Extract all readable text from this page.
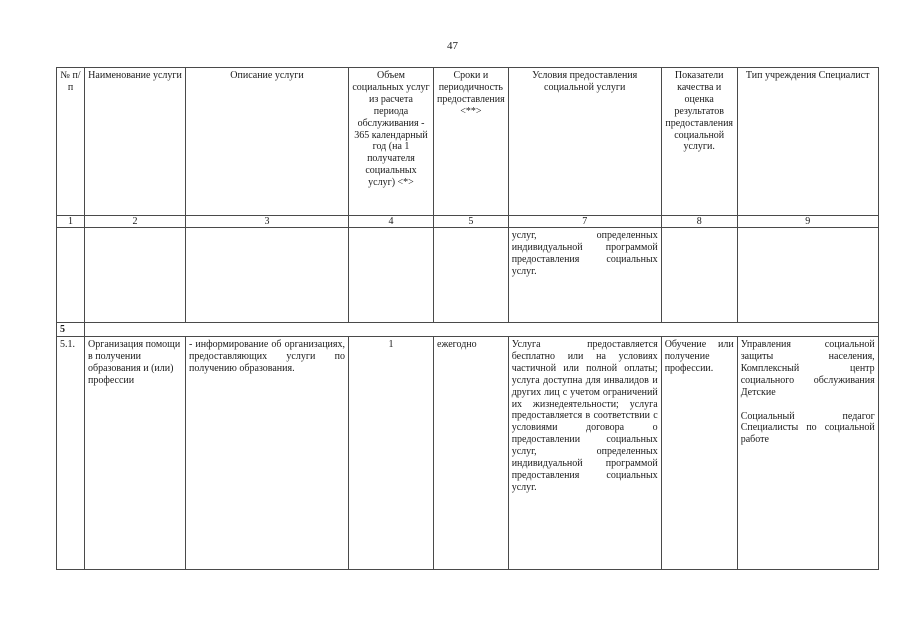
47
№ п/п	Наименование услуги	Описание услуги	Объем социальных услуг из расчета периода обслуживания - 365 календарный год (на 1 получателя социальных услуг) <*>	Сроки и периодичность предоставления <**>	Условия предоставления социальной услуги	Показатели качества и оценка результатов предоставления социальной услуги.	Тип учреждения Специалист
1	2	3	4	5	7	8	9
					услуг, определенных индивидуальной программой предоставления социальных услуг.		
5							
5.1.	Организация помощи в получении образования и (или) профессии	- информирование об организациях, предоставляющих услуги по получению образования.	1	ежегодно	Услуга предоставляется бесплатно или на условиях частичной или полной оплаты; услуга доступна для инвалидов и других лиц с учетом ограничений их жизнедеятельности; услуга предоставляется в соответствии с условиями договора о предоставлении социальных услуг, определенных индивидуальной программой предоставления социальных услуг.	Обучение или получение профессии.	Управления социальной защиты населения, Комплексный центр социального обслуживания Детские
Социальный педагог Специалисты по социальной работе
